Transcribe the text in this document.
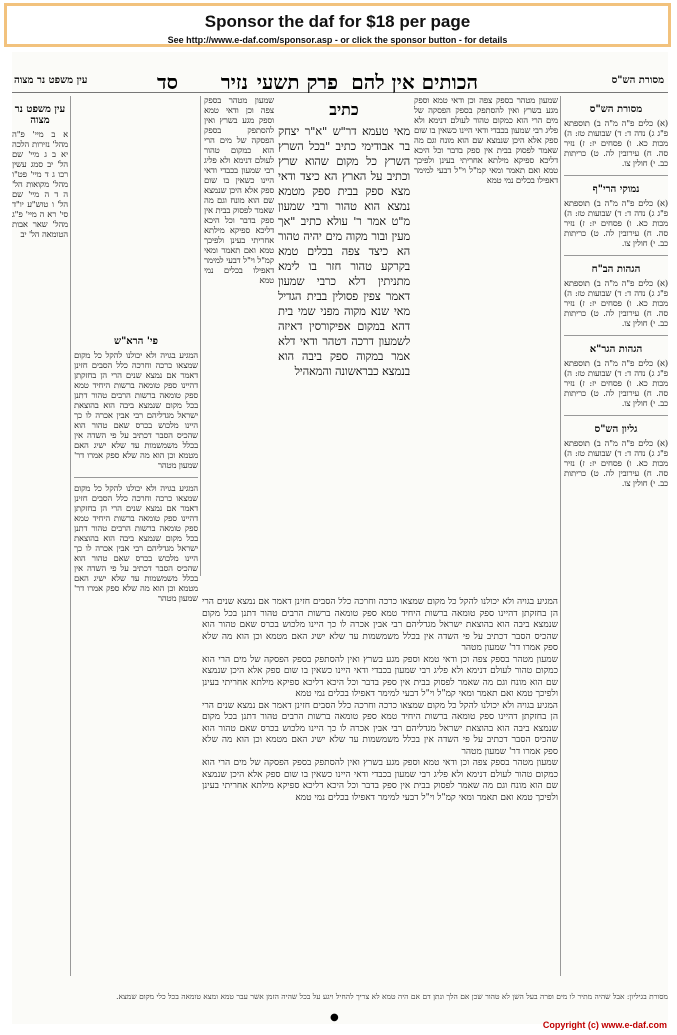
Sponsor the daf for $18 per page
See http://www.e-daf.com/sponsor.asp - or click the sponsor button - for details
מסורת הש"ס
הכותים אין להם
פרק תשעי
נזיר
סד
עין משפט נר מצוה
עין משפט נר מצוה

א ב מיי' פ"ה מהל' נזירות הלכה יא ב ג מיי' שם הל' יב סמג עשין רכו ג ד מיי' פט"ו מהל' מקואות הל' ה ד ה מיי' שם הל' ו טוש"ע יו"ד סי' רא ה מיי' פ"ג מהל' שאר אבות הטומאה הל' יב

פי' הרא"ש

המגיע בגויה ולא יכולנו להקל כל מקום שמצאו כרכה וחרכה כלל הסבים חזינן דאמר אם נמצא שנים הרי הן בחזקתן דהיינו ספק טומאה ברשות היחיד טמא ספק טומאה ברשות הרבים טהור דתנן בכל מקום שנמצא ביבה הוא בהוצאת ישראל מגדליהם רבי אבין אכרה לו כך היינו מלכוש בכרס שאם טהור הוא שהכיס הסבר דכתיב על פי השדה אין בכלל משמשמות עד שלא ישיג האם מטמא וכן הוא מה שלא ספק אמרו דר' שמעון מטהר

המגיע בגויה ולא יכולנו להקל כל מקום שמצאו כרכה וחרכה כלל הסבים חזינן דאמר אם נמצא שנים הרי הן בחזקתן דהיינו ספק טומאה ברשות היחיד טמא ספק טומאה ברשות הרבים טהור דתנן בכל מקום שנמצא ביבה הוא בהוצאת ישראל מגדליהם רבי אבין אכרה לו כך היינו מלכוש בכרס שאם טהור הוא שהכיס הסבר דכתיב על פי השדה אין בכלל משמשמות עד שלא ישיג האם מטמא וכן הוא מה שלא ספק אמרו דר' שמעון מטהר

שמעון מטהר בספק צפה וכן ודאי טמא וספק מגע בשרץ ואין להסתפק בספק הפסקה של מים הרי הוא כמקום טהור לעולם דנימא ולא פליג רבי שמעון בכבדי ודאי היינו כשאין בו שום ספק אלא היכן שנמצא שם הוא מונח וגם מה שאמר לפסוק בבית אין ספק בדבר וכל היכא דליכא ספיקא מילתא אחריתי בעינן ולפיכך טמא ואם תאמר ומאי קמ"ל וי"ל דבעי למימר דאפילו בכלים נמי טמא

כתיב

מאי טעמא דר"ש "א"ר יצחק בר אבודימי כתיב "בכל השרץ השרץ כל מקום שהוא שרץ וכתיב על הארץ הא כיצד ודאי מצא ספק בבית ספק מטמא נמצא הוא טהור ורבי שמעון מ"ט אמר ר' עולא כתיב "אך מעין ובור מקוה מים יהיה טהור הא כיצד צפה בכלים טמא בקרקע טהור חזר בו לימא מתניתין דלא כרבי שמעון דאמר צפין פסולין בבית הגדיל מאי שנא מקוה מפני שמי בית דהא במקום אפיקורסין דאיזה לשמעון דרכה דטהר ודאי דלא אמר במקוה ספק ביבה הוא בנמצא כבראשונה והמאהיל

שמעון מטהר בספק צפה וכן ודאי טמא וספק מגע בשרץ ואין להסתפק בספק הפסקה של מים הרי הוא כמקום טהור לעולם דנימא ולא פליג רבי שמעון בכבדי ודאי היינו כשאין בו שום ספק אלא היכן שנמצא שם הוא מונח וגם מה שאמר לפסוק בבית אין ספק בדבר וכל היכא דליכא ספיקא מילתא אחריתי בעינן ולפיכך טמא ואם תאמר ומאי קמ"ל וי"ל דבעי למימר דאפילו בכלים נמי טמא

מסורת הש"ס

(א) כלים פ"ה מ"ה ב) תוספתא פ"ג ג) נדה ד: ד) שבועות טז: ה) מכות כא. ו) פסחים יז: ז) נזיר סה. ח) עירובין לה. ט) כריתות כב. י) חולין צו.

נמוקי הרי"ף

(א) כלים פ"ה מ"ה ב) תוספתא פ"ג ג) נדה ד: ד) שבועות טז: ה) מכות כא. ו) פסחים יז: ז) נזיר סה. ח) עירובין לה. ט) כריתות כב. י) חולין צו.

הגהות הב"ח

(א) כלים פ"ה מ"ה ב) תוספתא פ"ג ג) נדה ד: ד) שבועות טז: ה) מכות כא. ו) פסחים יז: ז) נזיר סה. ח) עירובין לה. ט) כריתות כב. י) חולין צו.

הגהות הגר"א

(א) כלים פ"ה מ"ה ב) תוספתא פ"ג ג) נדה ד: ד) שבועות טז: ה) מכות כא. ו) פסחים יז: ז) נזיר סה. ח) עירובין לה. ט) כריתות כב. י) חולין צו.

גליון הש"ס

(א) כלים פ"ה מ"ה ב) תוספתא פ"ג ג) נדה ד: ד) שבועות טז: ה) מכות כא. ו) פסחים יז: ז) נזיר סה. ח) עירובין לה. ט) כריתות כב. י) חולין צו.

המגיע בגויה ולא יכולנו להקל כל מקום שמצאו כרכה וחרכה כלל הסבים חזינן דאמר אם נמצא שנים הרי הן בחזקתן דהיינו ספק טומאה ברשות היחיד טמא ספק טומאה ברשות הרבים טהור דתנן בכל מקום שנמצא ביבה הוא בהוצאת ישראל מגדליהם רבי אבין אכרה לו כך היינו מלכוש בכרס שאם טהור הוא שהכיס הסבר דכתיב על פי השדה אין בכלל משמשמות עד שלא ישיג האם מטמא וכן הוא מה שלא ספק אמרו דר' שמעון מטהר

שמעון מטהר בספק צפה וכן ודאי טמא וספק מגע בשרץ ואין להסתפק בספק הפסקה של מים הרי הוא כמקום טהור לעולם דנימא ולא פליג רבי שמעון בכבדי ודאי היינו כשאין בו שום ספק אלא היכן שנמצא שם הוא מונח וגם מה שאמר לפסוק בבית אין ספק בדבר וכל היכא דליכא ספיקא מילתא אחריתי בעינן ולפיכך טמא ואם תאמר ומאי קמ"ל וי"ל דבעי למימר דאפילו בכלים נמי טמא

המגיע בגויה ולא יכולנו להקל כל מקום שמצאו כרכה וחרכה כלל הסבים חזינן דאמר אם נמצא שנים הרי הן בחזקתן דהיינו ספק טומאה ברשות היחיד טמא ספק טומאה ברשות הרבים טהור דתנן בכל מקום שנמצא ביבה הוא בהוצאת ישראל מגדליהם רבי אבין אכרה לו כך היינו מלכוש בכרס שאם טהור הוא שהכיס הסבר דכתיב על פי השדה אין בכלל משמשמות עד שלא ישיג האם מטמא וכן הוא מה שלא ספק אמרו דר' שמעון מטהר

שמעון מטהר בספק צפה וכן ודאי טמא וספק מגע בשרץ ואין להסתפק בספק הפסקה של מים הרי הוא כמקום טהור לעולם דנימא ולא פליג רבי שמעון בכבדי ודאי היינו כשאין בו שום ספק אלא היכן שנמצא שם הוא מונח וגם מה שאמר לפסוק בבית אין ספק בדבר וכל היכא דליכא ספיקא מילתא אחריתי בעינן ולפיכך טמא ואם תאמר ומאי קמ"ל וי"ל דבעי למימר דאפילו בכלים נמי טמא

מסורת בגיליון: אבל שהיה מתיר לו מים ופרה בעל השן לא טהור שכן אם הלך ונתן דם אם היה טמא לא צריך להחיל ויגע על בכל שהיה הזמן אשר עבר טמא ומצא טומאה בכל כלי מקום שמצא.

●
Copyright (c) www.e-daf.com
